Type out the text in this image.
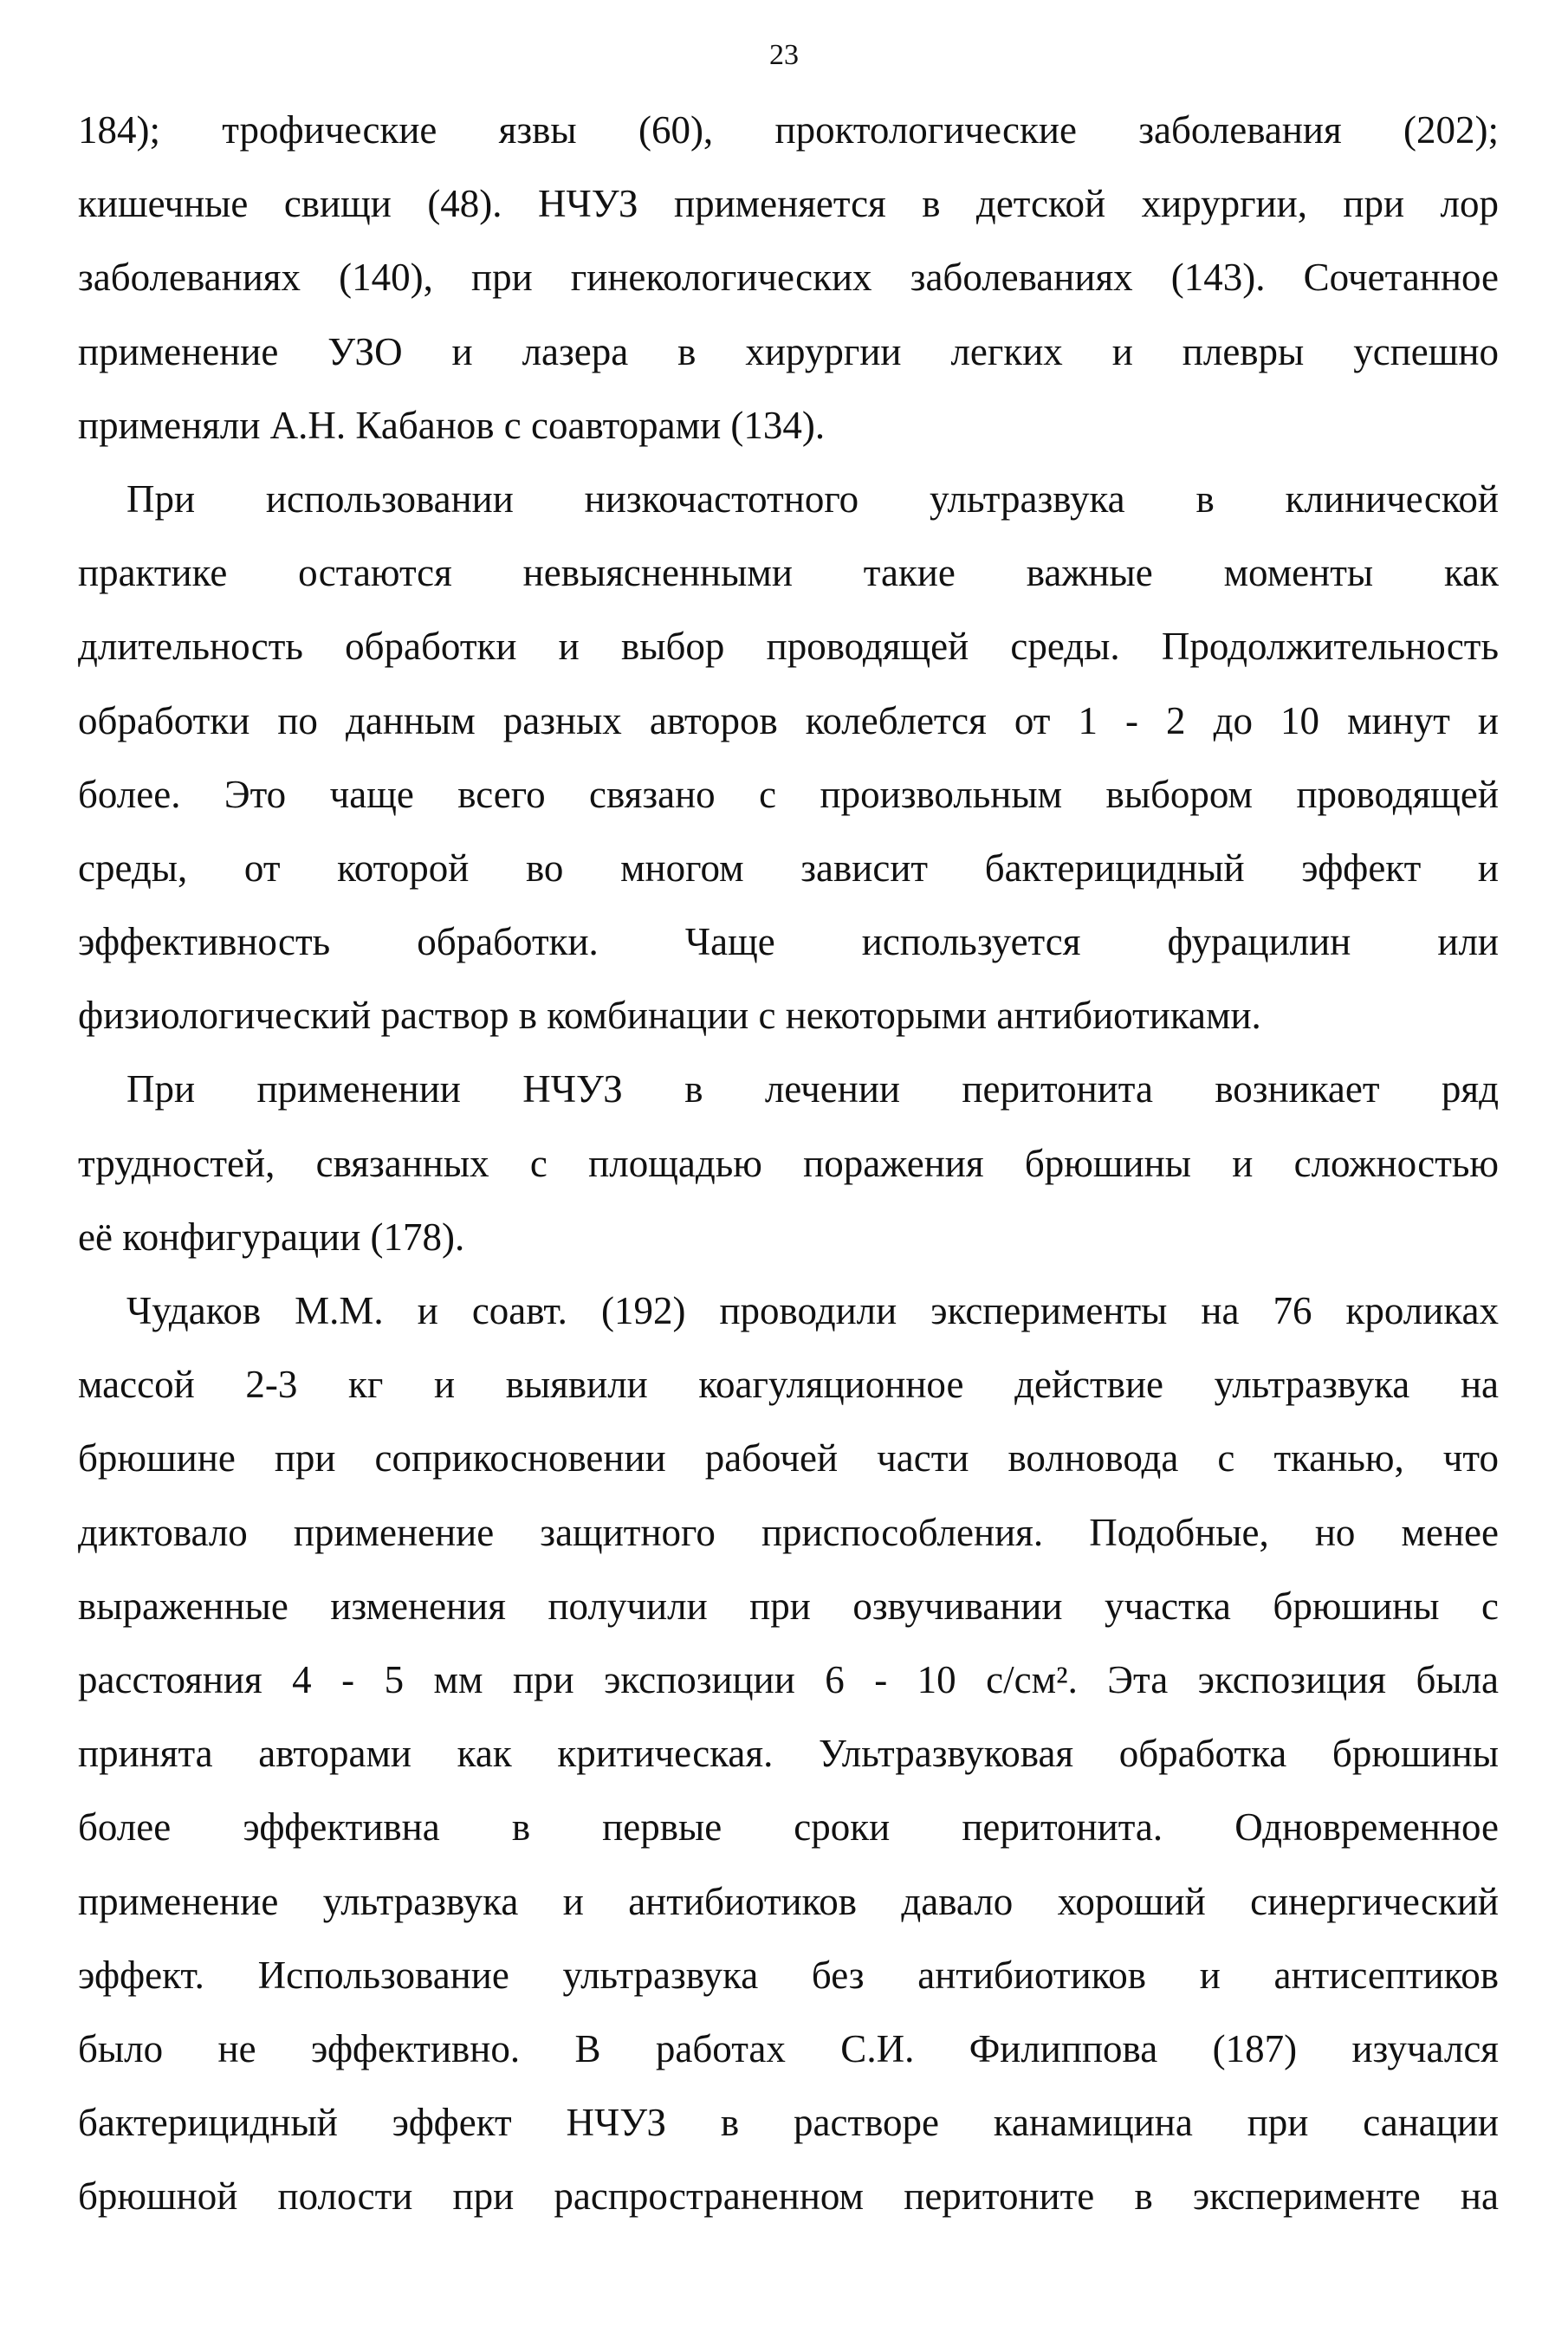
23
184); трофические язвы (60), проктологические заболевания (202);
кишечные свищи (48). НЧУЗ применяется в детской хирургии, при лор
заболеваниях (140), при гинекологических заболеваниях (143). Сочетанное
применение УЗО и лазера в хирургии легких и плевры успешно
применяли А.Н. Кабанов с соавторами (134).
При использовании низкочастотного ультразвука в клинической
практике остаются невыясненными такие важные моменты как
длительность обработки и выбор проводящей среды. Продолжительность
обработки по данным разных авторов колеблется от 1 - 2 до 10 минут и
более. Это чаще всего связано с произвольным выбором проводящей
среды, от которой во многом зависит бактерицидный эффект и
эффективность обработки. Чаще используется фурацилин или
физиологический раствор в комбинации с некоторыми антибиотиками.
При применении НЧУЗ в лечении перитонита возникает ряд
трудностей, связанных с площадью поражения брюшины и сложностью
её конфигурации (178).
Чудаков М.М. и соавт. (192) проводили эксперименты на 76 кроликах
массой 2-3 кг и выявили коагуляционное действие ультразвука на
брюшине при соприкосновении рабочей части волновода с тканью, что
диктовало применение защитного приспособления. Подобные, но менее
выраженные изменения получили при озвучивании участка брюшины с
расстояния 4 - 5 мм при экспозиции 6 - 10 с/см². Эта экспозиция была
принята авторами как критическая. Ультразвуковая обработка брюшины
более эффективна в первые сроки перитонита. Одновременное
применение ультразвука и антибиотиков давало хороший синергический
эффект. Использование ультразвука без антибиотиков и антисептиков
было не эффективно. В работах С.И. Филиппова (187) изучался
бактерицидный эффект НЧУЗ в растворе канамицина при санации
брюшной полости при распространенном перитоните в эксперименте на
